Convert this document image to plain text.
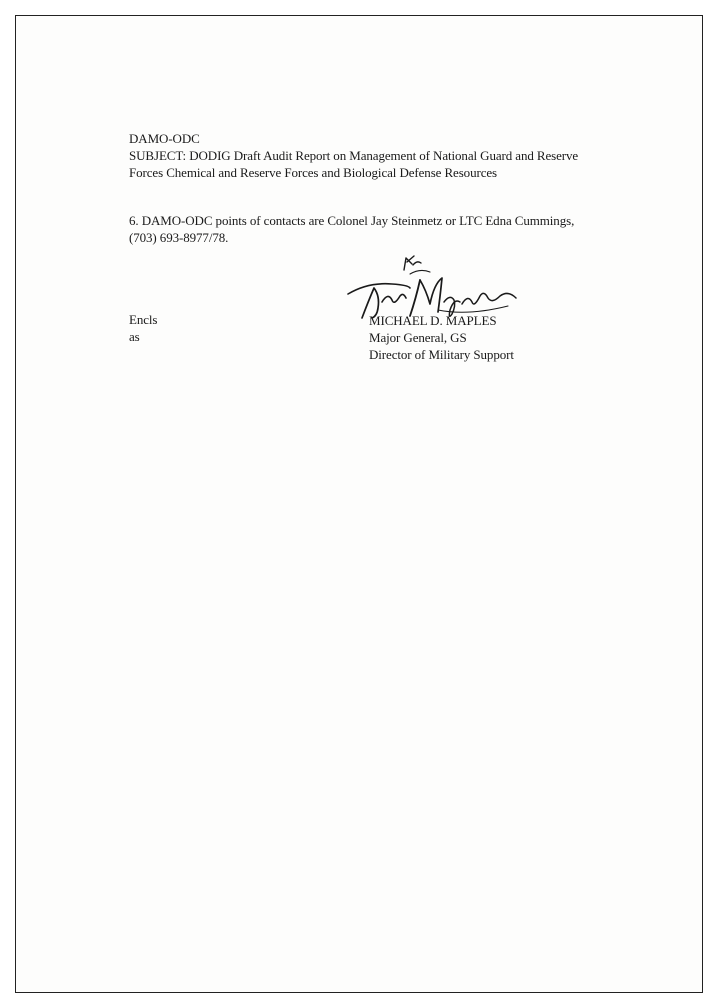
DAMO-ODC
SUBJECT: DODIG Draft Audit Report on Management of National Guard and Reserve
Forces Chemical and Reserve Forces and Biological Defense Resources
6. DAMO-ODC points of contacts are Colonel Jay Steinmetz or LTC Edna Cummings,
(703) 693-8977/78.
Encls
as
MICHAEL D. MAPLES
Major General, GS
Director of Military Support
